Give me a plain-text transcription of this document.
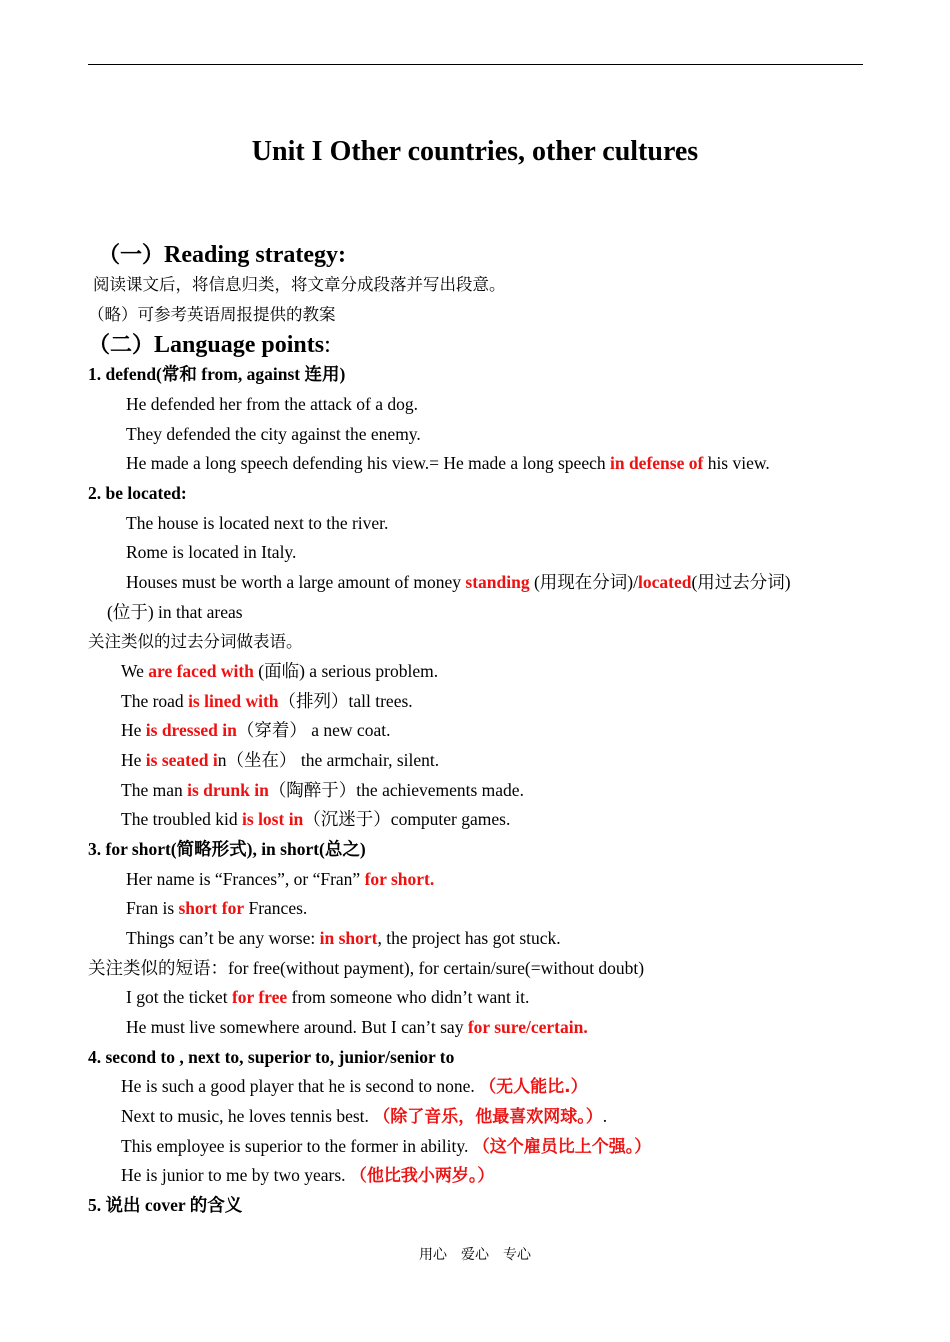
Unit I Other countries, other cultures
（一）Reading strategy:
阅读课文后，将信息归类，将文章分成段落并写出段意。
（略）可参考英语周报提供的教案
（二）Language points:
1. defend(常和 from, against 连用)
He defended her from the attack of a dog.
They defended the city against the enemy.
He made a long speech defending his view.= He made a long speech in defense of his view.
2. be located:
The house is located next to the river.
Rome is located in Italy.
Houses must be worth a large amount of money standing (用现在分词)/located(用过去分词)
(位于) in that areas
关注类似的过去分词做表语。
We are faced with (面临) a serious problem.
The road is lined with（排列）tall trees.
He is dressed in（穿着） a new coat.
He is seated in（坐在） the armchair, silent.
The man is drunk in（陶醉于）the achievements made.
The troubled kid is lost in（沉迷于）computer games.
3. for short(简略形式), in short(总之)
Her name is “Frances”, or “Fran” for short.
Fran is short for Frances.
Things can’t be any worse: in short, the project has got stuck.
关注类似的短语：for free(without payment), for certain/sure(=without doubt)
I got the ticket for free from someone who didn’t want it.
He must live somewhere around. But I can’t say for sure/certain.
4. second to , next to, superior to, junior/senior to
He is such a good player that he is second to none. （无人能比.）
Next to music, he loves tennis best. （除了音乐，他最喜欢网球。）.
This employee is superior to the former in ability. （这个雇员比上个强。）
He is junior to me by two years. （他比我小两岁。）
5. 说出 cover 的含义
用心　爱心　专心
